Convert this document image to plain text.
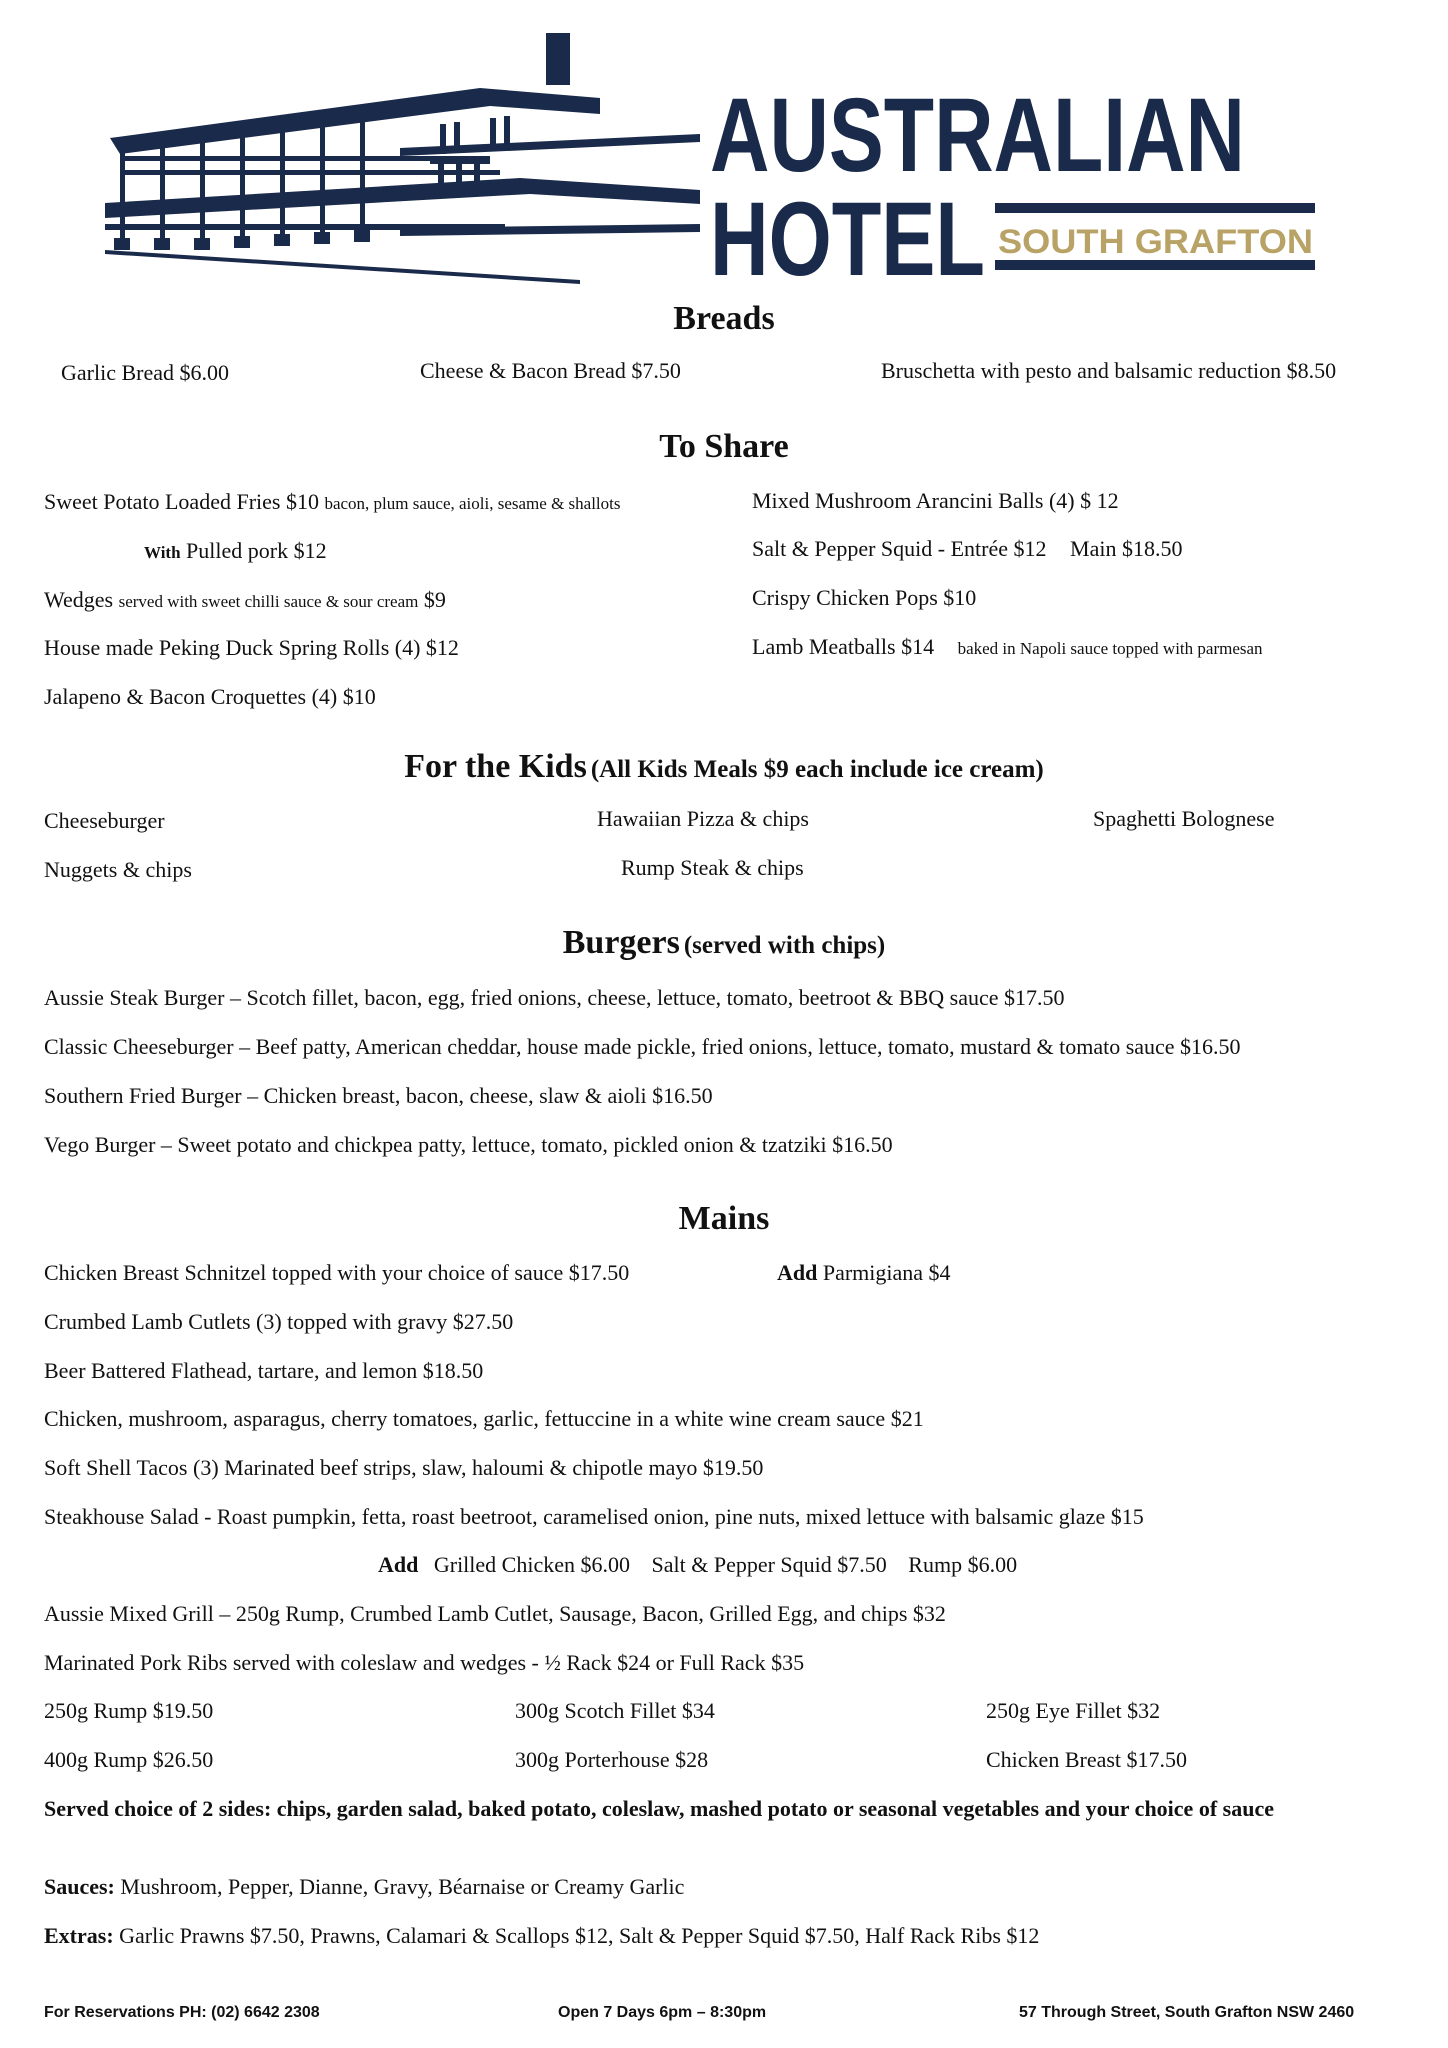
AUSTRALIAN
HOTEL SOUTH GRAFTON
Breads
Garlic Bread $6.00	Cheese & Bacon Bread $7.50	Bruschetta with pesto and balsamic reduction $8.50
To Share
Sweet Potato Loaded Fries $10 bacon, plum sauce, aioli, sesame & shallots
With Pulled pork $12
Wedges served with sweet chilli sauce & sour cream $9
House made Peking Duck Spring Rolls (4) $12
Jalapeno & Bacon Croquettes (4) $10
Mixed Mushroom Arancini Balls (4) $ 12
Salt & Pepper Squid - Entrée $12 Main $18.50
Crispy Chicken Pops $10
Lamb Meatballs $14 baked in Napoli sauce topped with parmesan
For the Kids (All Kids Meals $9 each include ice cream)
Cheeseburger	Hawaiian Pizza & chips	Spaghetti Bolognese
Nuggets & chips	Rump Steak & chips
Burgers (served with chips)
Aussie Steak Burger – Scotch fillet, bacon, egg, fried onions, cheese, lettuce, tomato, beetroot & BBQ sauce $17.50
Classic Cheeseburger – Beef patty, American cheddar, house made pickle, fried onions, lettuce, tomato, mustard & tomato sauce $16.50
Southern Fried Burger – Chicken breast, bacon, cheese, slaw & aioli $16.50
Vego Burger – Sweet potato and chickpea patty, lettuce, tomato, pickled onion & tzatziki $16.50
Mains
Chicken Breast Schnitzel topped with your choice of sauce $17.50	Add Parmigiana $4
Crumbed Lamb Cutlets (3) topped with gravy $27.50
Beer Battered Flathead, tartare, and lemon $18.50
Chicken, mushroom, asparagus, cherry tomatoes, garlic, fettuccine in a white wine cream sauce $21
Soft Shell Tacos (3) Marinated beef strips, slaw, haloumi & chipotle mayo $19.50
Steakhouse Salad - Roast pumpkin, fetta, roast beetroot, caramelised onion, pine nuts, mixed lettuce with balsamic glaze $15
Add Grilled Chicken $6.00 Salt & Pepper Squid $7.50 Rump $6.00
Aussie Mixed Grill – 250g Rump, Crumbed Lamb Cutlet, Sausage, Bacon, Grilled Egg, and chips $32
Marinated Pork Ribs served with coleslaw and wedges - ½ Rack $24 or Full Rack $35
250g Rump $19.50	300g Scotch Fillet $34	250g Eye Fillet $32
400g Rump $26.50	300g Porterhouse $28	Chicken Breast $17.50
Served choice of 2 sides: chips, garden salad, baked potato, coleslaw, mashed potato or seasonal vegetables and your choice of sauce
Sauces: Mushroom, Pepper, Dianne, Gravy, Béarnaise or Creamy Garlic
Extras: Garlic Prawns $7.50, Prawns, Calamari & Scallops $12, Salt & Pepper Squid $7.50, Half Rack Ribs $12
For Reservations PH: (02) 6642 2308	Open 7 Days 6pm – 8:30pm	57 Through Street, South Grafton NSW 2460
